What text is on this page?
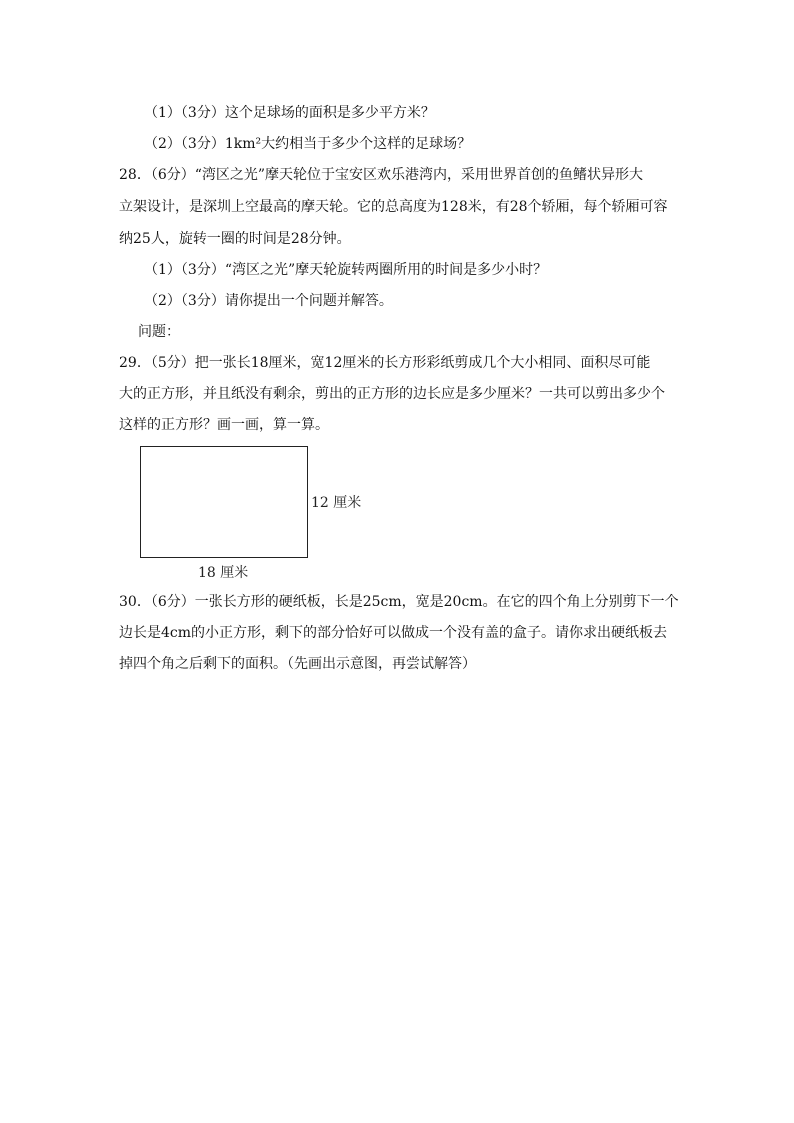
（1）（3分）这个足球场的面积是多少平方米？
（2）（3分）1km²大约相当于多少个这样的足球场？
28．（6分）“湾区之光”摩天轮位于宝安区欢乐港湾内，采用世界首创的鱼鳍状异形大
立架设计，是深圳上空最高的摩天轮。它的总高度为128米，有28个轿厢，每个轿厢可容
纳25人，旋转一圈的时间是28分钟。
（1）（3分）“湾区之光”摩天轮旋转两圈所用的时间是多少小时？
（2）（3分）请你提出一个问题并解答。
问题：
29．（5分）把一张长18厘米，宽12厘米的长方形彩纸剪成几个大小相同、面积尽可能
大的正方形，并且纸没有剩余，剪出的正方形的边长应是多少厘米？一共可以剪出多少个
这样的正方形？画一画，算一算。
12 厘米
18 厘米
30．（6分）一张长方形的硬纸板，长是25cm，宽是20cm。在它的四个角上分别剪下一个
边长是4cm的小正方形，剩下的部分恰好可以做成一个没有盖的盒子。请你求出硬纸板去
掉四个角之后剩下的面积。（先画出示意图，再尝试解答）
